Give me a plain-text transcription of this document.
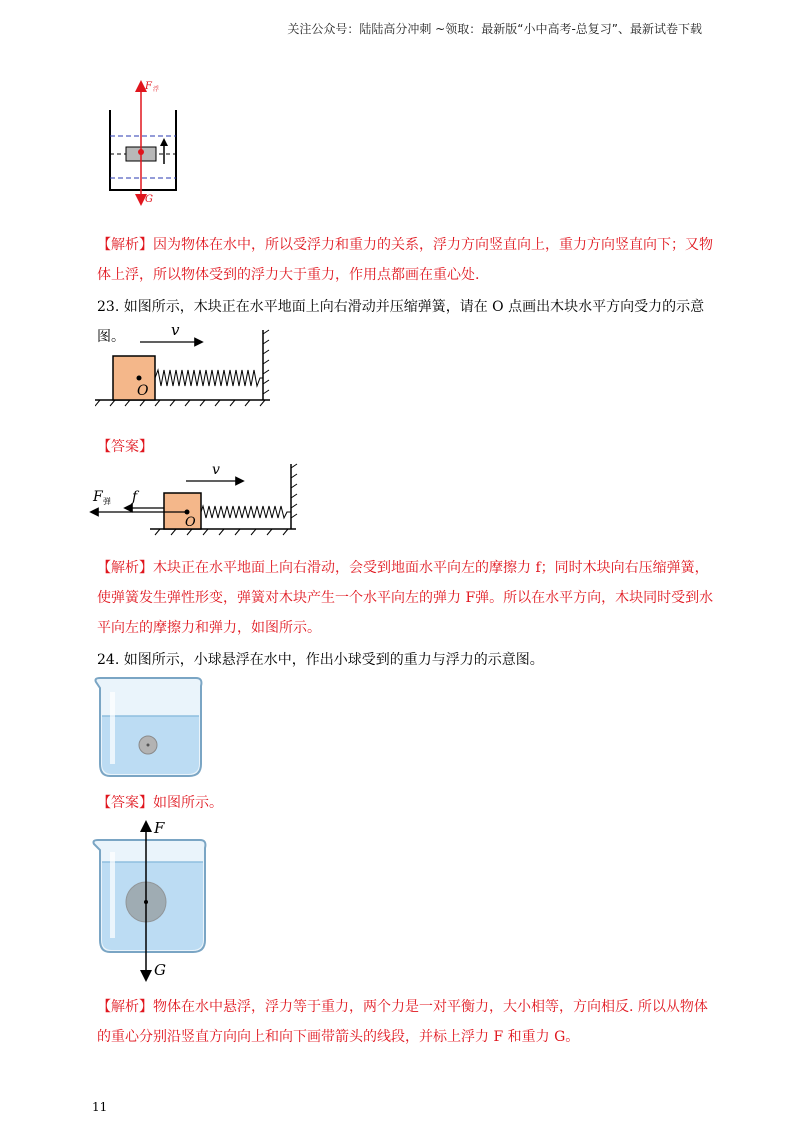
关注公众号：陆陆高分冲刺 ~领取：最新版“小中高考-总复习”、最新试卷下载
F 浮
G
【解析】因为物体在水中，所以受浮力和重力的关系，浮力方向竖直向上，重力方向竖直向下；又物体上浮，所以物体受到的浮力大于重力，作用点都画在重心处.
23. 如图所示，木块正在水平地面上向右滑动并压缩弹簧，请在 O 点画出木块水平方向受力的示意图。	v
O
【答案】
v
O
F 弹 f
【解析】木块正在水平地面上向右滑动，会受到地面水平向左的摩擦力 f；同时木块向右压缩弹簧，使弹簧发生弹性形变，弹簧对木块产生一个水平向左的弹力 F弹。所以在水平方向，木块同时受到水平向左的摩擦力和弹力，如图所示。
24. 如图所示，小球悬浮在水中，作出小球受到的重力与浮力的示意图。
【答案】如图所示。
F
G
【解析】物体在水中悬浮，浮力等于重力，两个力是一对平衡力，大小相等，方向相反. 所以从物体的重心分别沿竖直方向向上和向下画带箭头的线段，并标上浮力 F 和重力 G。
11
